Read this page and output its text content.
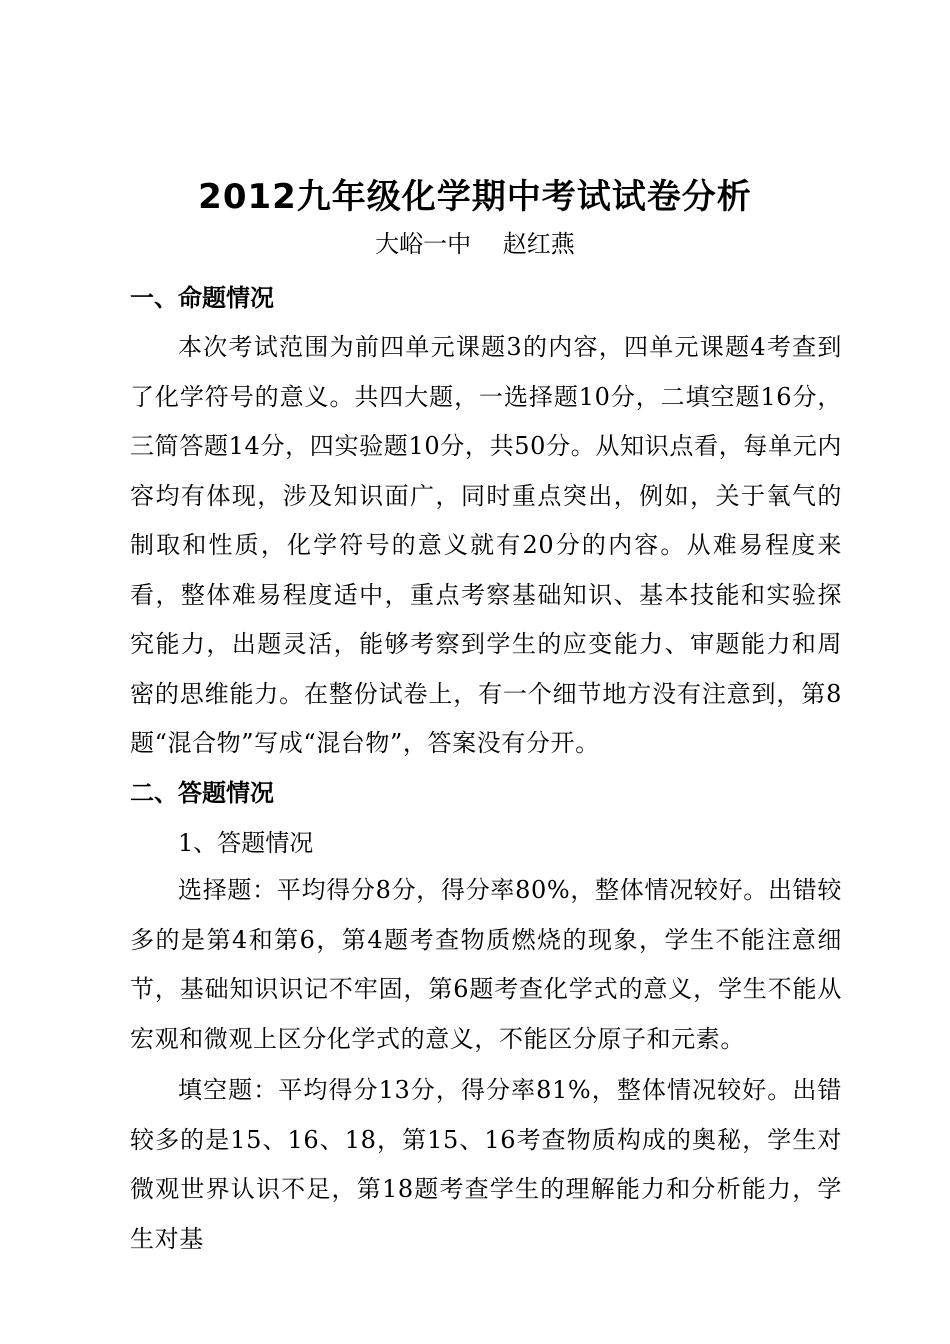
2012九年级化学期中考试试卷分析
大峪一中　 赵红燕
一、命题情况
本次考试范围为前四单元课题3的内容，四单元课题4考查到了化学符号的意义。共四大题，一选择题10分，二填空题16分，三简答题14分，四实验题10分，共50分。从知识点看，每单元内容均有体现，涉及知识面广，同时重点突出，例如，关于氧气的制取和性质，化学符号的意义就有20分的内容。从难易程度来看，整体难易程度适中，重点考察基础知识、基本技能和实验探究能力，出题灵活，能够考察到学生的应变能力、审题能力和周密的思维能力。在整份试卷上，有一个细节地方没有注意到，第8题“混合物”写成“混台物”，答案没有分开。
二、答题情况
1、答题情况
选择题：平均得分8分，得分率80%，整体情况较好。出错较多的是第4和第6，第4题考查物质燃烧的现象，学生不能注意细节，基础知识识记不牢固，第6题考查化学式的意义，学生不能从宏观和微观上区分化学式的意义，不能区分原子和元素。
填空题：平均得分13分，得分率81%，整体情况较好。出错较多的是15、16、18，第15、16考查物质构成的奥秘，学生对微观世界认识不足，第18题考查学生的理解能力和分析能力，学生对基
